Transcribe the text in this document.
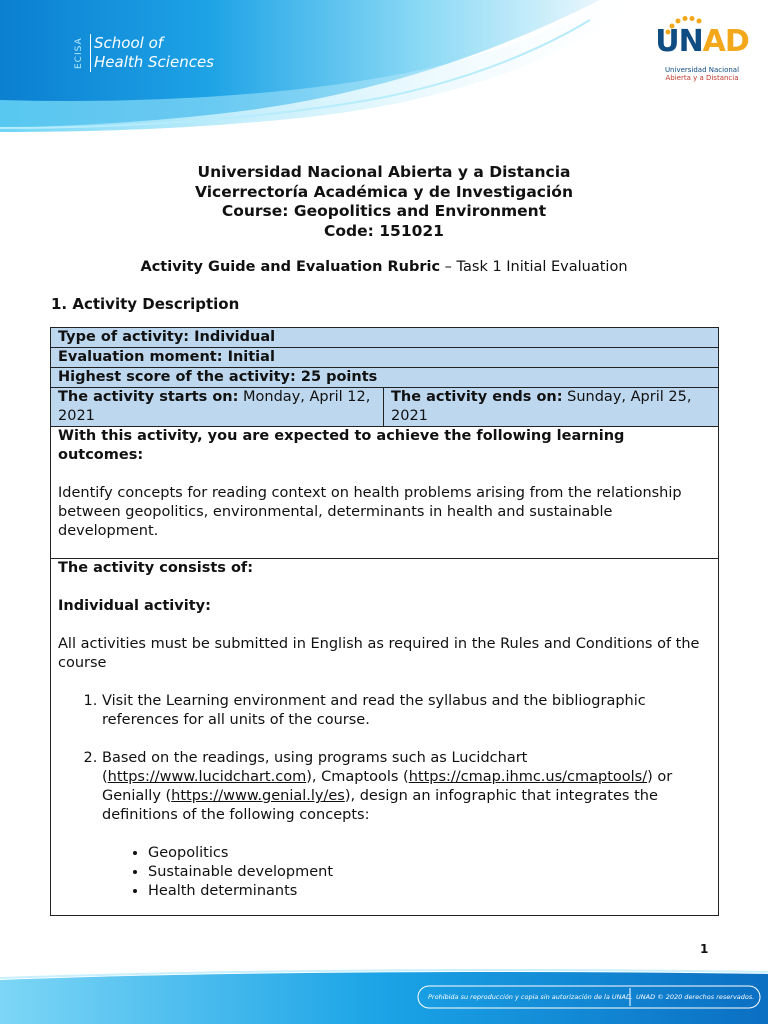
ECISA School of
Health Sciences
UNAD
Universidad Nacional
Abierta y a Distancia
Universidad Nacional Abierta y a Distancia
Vicerrectoría Académica y de Investigación
Course: Geopolitics and Environment
Code: 151021
Activity Guide and Evaluation Rubric – Task 1 Initial Evaluation
1. Activity Description
Type of activity: Individual
Evaluation moment: Initial
Highest score of the activity: 25 points
The activity starts on: Monday, April 12, 2021	The activity ends on: Sunday, April 25, 2021

With this activity, you are expected to achieve the following learning outcomes:

Identify concepts for reading context on health problems arising from the relationship between geopolitics, environmental, determinants in health and sustainable development.

The activity consists of:

Individual activity:

All activities must be submitted in English as required in the Rules and Conditions of the course

1. Visit the Learning environment and read the syllabus and the bibliographic references for all units of the course.
2. Based on the readings, using programs such as Lucidchart (https://www.lucidchart.com), Cmaptools (https://cmap.ihmc.us/cmaptools/) or Genially (https://www.genial.ly/es), design an infographic that integrates the definitions of the following concepts:
• Geopolitics
• Sustainable development
• Health determinants
1
Prohibida su reproducción y copia sin autorización de la UNAD. UNAD © 2020 derechos reservados.
